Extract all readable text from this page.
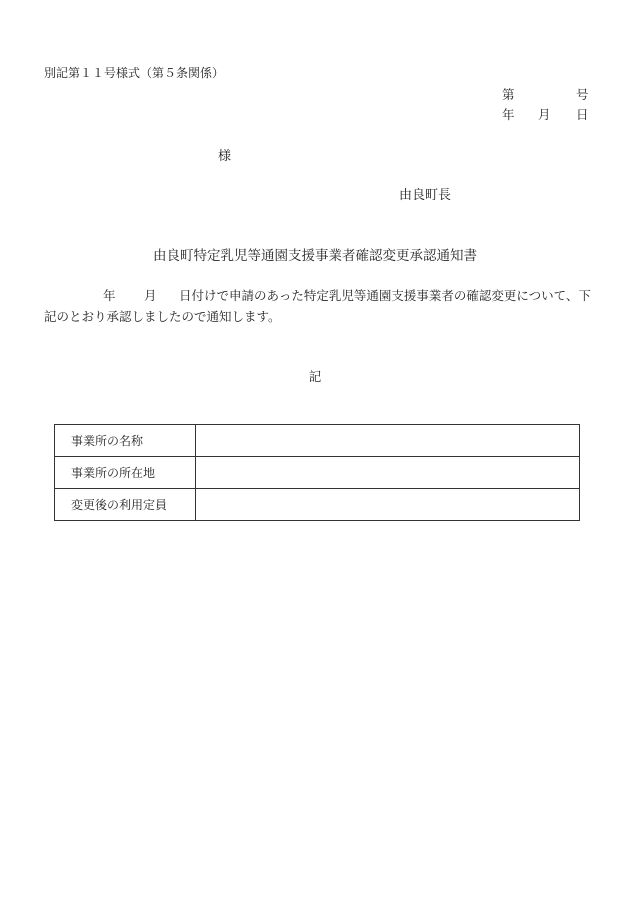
別記第１１号様式（第５条関係）
第	号
年 月 日
様
由良町長
由良町特定乳児等通園支援事業者確認変更承認通知書
年 月 日付けで申請のあった特定乳児等通園支援事業者の確認変更について、下
記のとおり承認しましたので通知します。
記
事業所の名称	
事業所の所在地	
変更後の利用定員	
